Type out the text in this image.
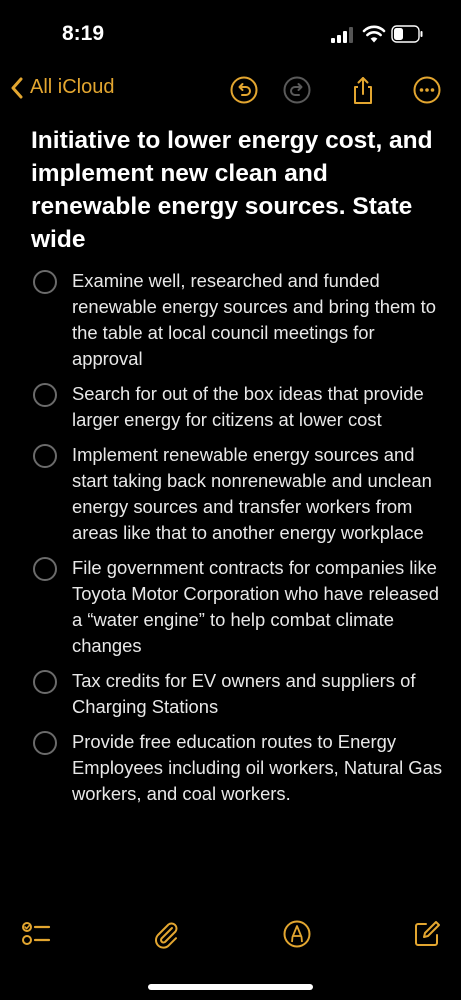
8:19
All iCloud
Initiative to lower energy cost, and implement new clean and renewable energy sources. State wide
Examine well, researched and funded renewable energy sources and bring them to the table at local council meetings for approval
Search for out of the box ideas that provide larger energy for citizens at lower cost
Implement renewable energy sources and start taking back nonrenewable and unclean energy sources and transfer workers from areas like that to another energy workplace
File government contracts for companies like Toyota Motor Corporation who have released a “water engine” to help combat climate changes
Tax credits for EV owners and suppliers of Charging Stations
Provide free education routes to Energy Employees including oil workers, Natural Gas workers, and coal workers.
